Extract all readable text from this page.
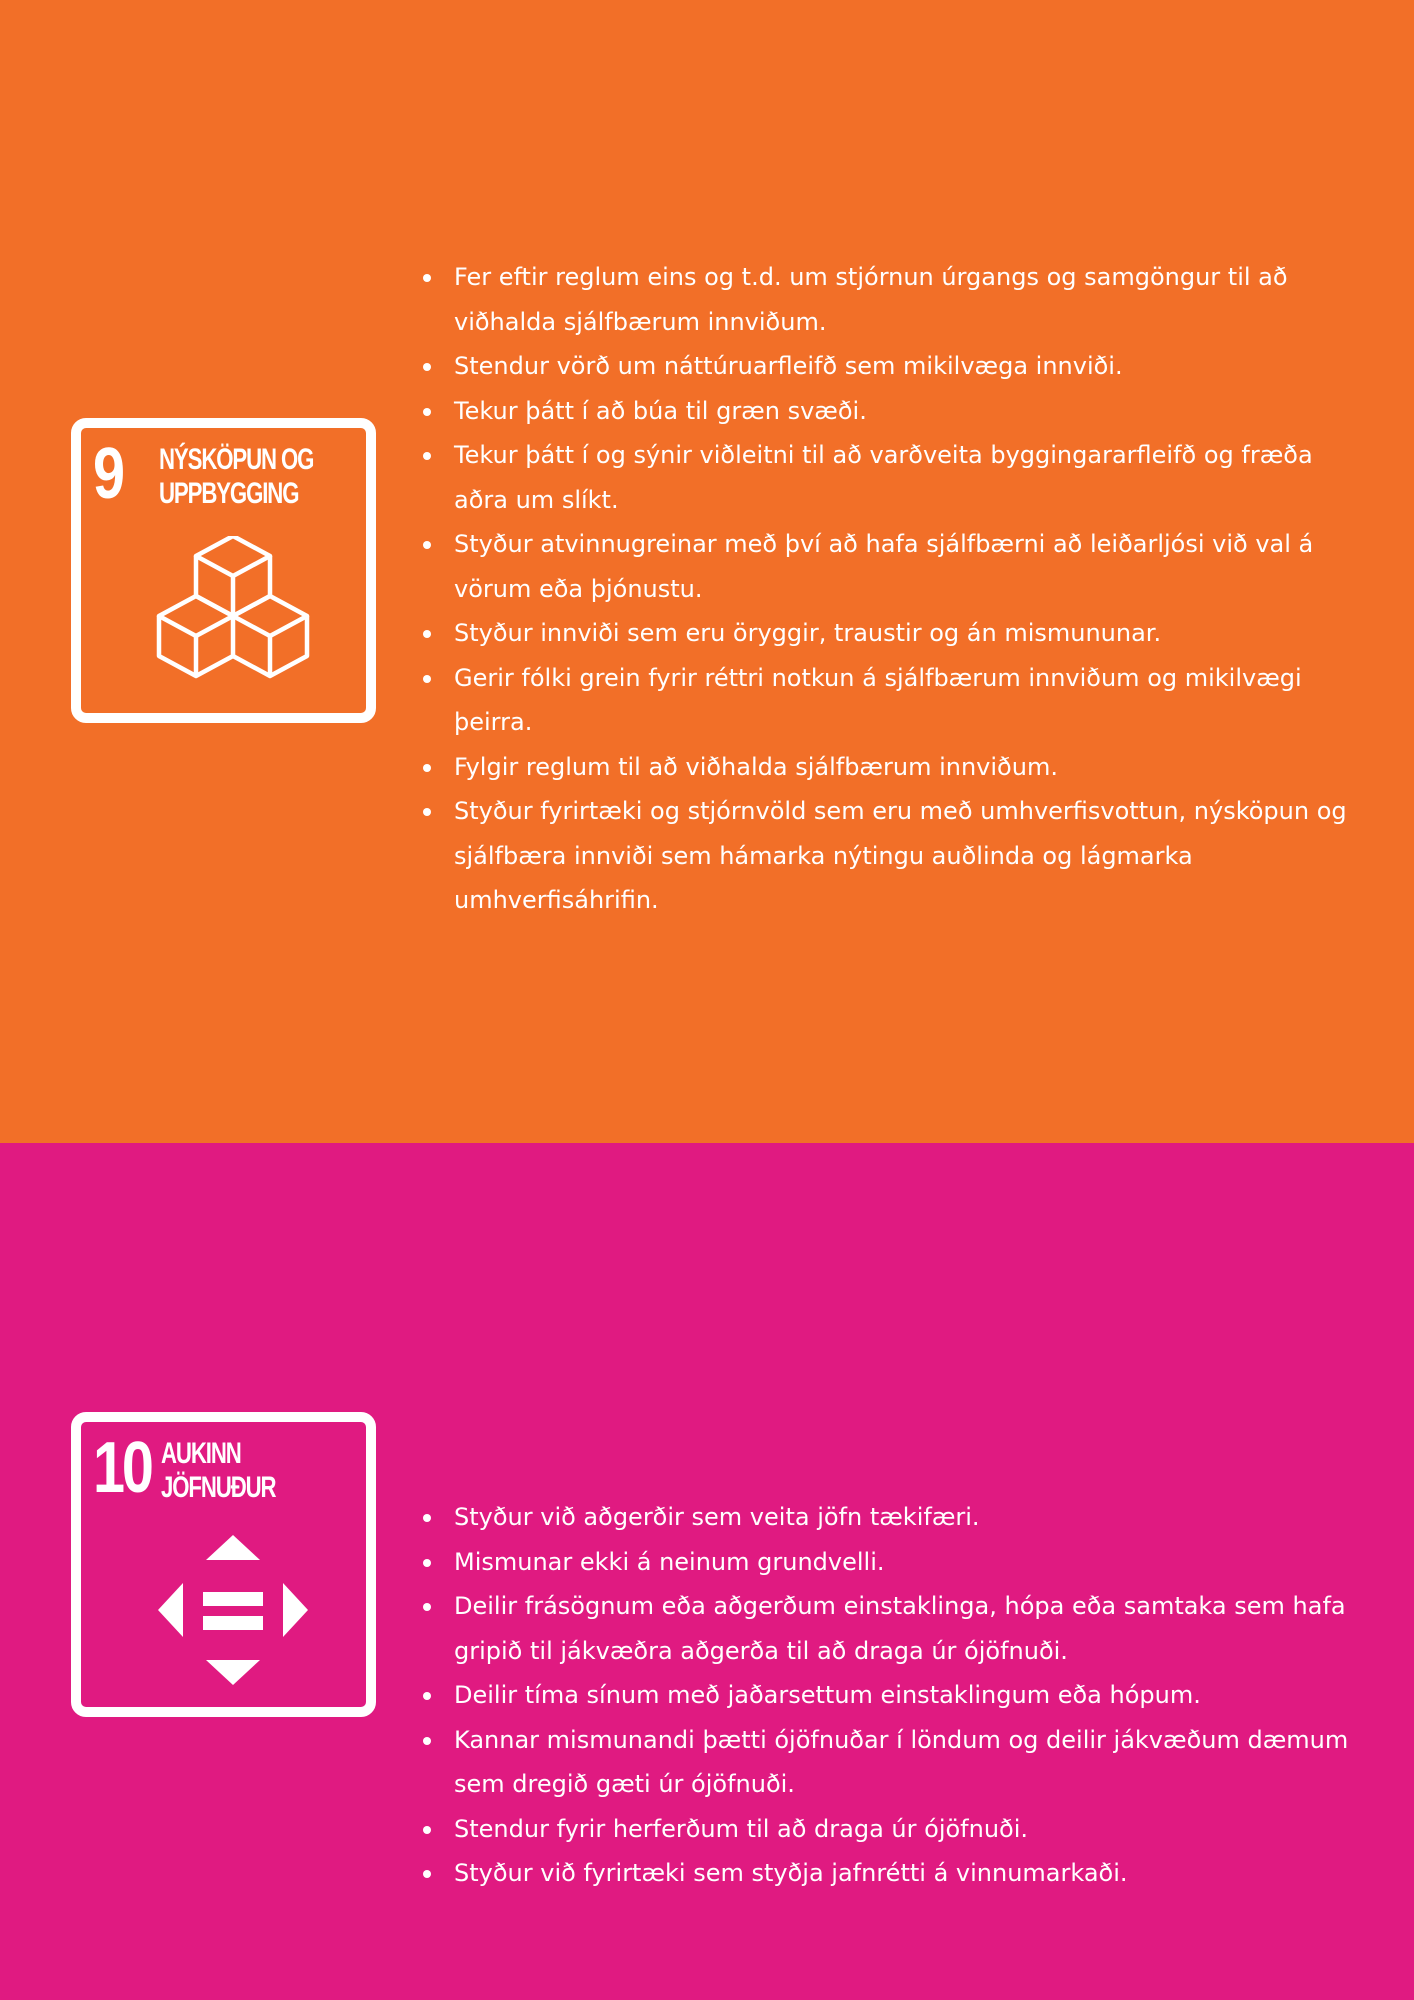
9 NÝSKÖPUN OG
UPPBYGGING
Fer eftir reglum eins og t.d. um stjórnun úrgangs og samgöngur til að viðhalda sjálfbærum innviðum.
Stendur vörð um náttúruarfleifð sem mikilvæga innviði.
Tekur þátt í að búa til græn svæði.
Tekur þátt í og sýnir viðleitni til að varðveita byggingararfleifð og fræða aðra um slíkt.
Styður atvinnugreinar með því að hafa sjálfbærni að leiðarljósi við val á vörum eða þjónustu.
Styður innviði sem eru öryggir, traustir og án mismununar.
Gerir fólki grein fyrir réttri notkun á sjálfbærum innviðum og mikilvægi þeirra.
Fylgir reglum til að viðhalda sjálfbærum innviðum.
Styður fyrirtæki og stjórnvöld sem eru með umhverfisvottun, nýsköpun og sjálfbæra innviði sem hámarka nýtingu auðlinda og lágmarka umhverfisáhrifin.
10 AUKINN
JÖFNUÐUR
Styður við aðgerðir sem veita jöfn tækifæri.
Mismunar ekki á neinum grundvelli.
Deilir frásögnum eða aðgerðum einstaklinga, hópa eða samtaka sem hafa gripið til jákvæðra aðgerða til að draga úr ójöfnuði.
Deilir tíma sínum með jaðarsettum einstaklingum eða hópum.
Kannar mismunandi þætti ójöfnuðar í löndum og deilir jákvæðum dæmum sem dregið gæti úr ójöfnuði.
Stendur fyrir herferðum til að draga úr ójöfnuði.
Styður við fyrirtæki sem styðja jafnrétti á vinnumarkaði.
